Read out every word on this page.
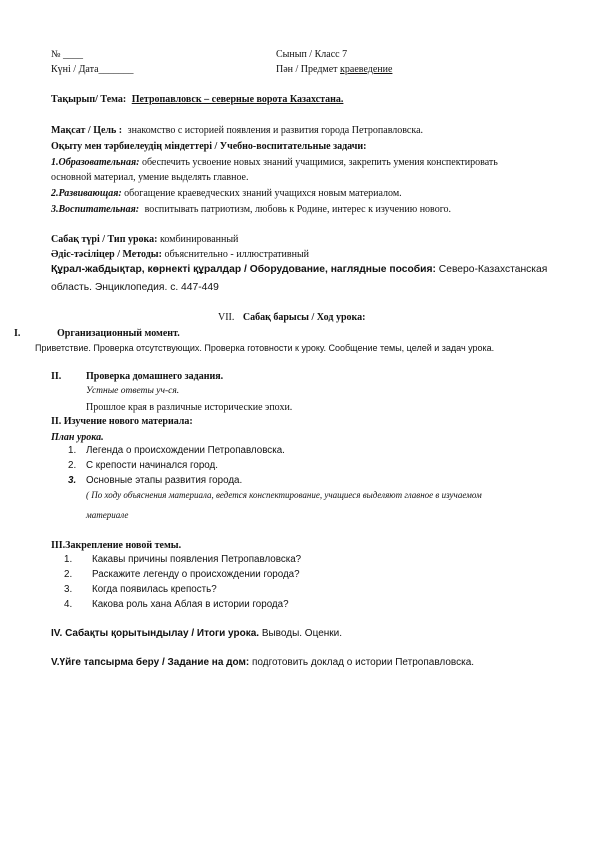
№ ____	Сынып / Класс 7
Күні / Дата_______	Пән / Предмет краеведение
Тақырып/ Тема: Петропавловск – северные ворота Казахстана.
Мақсат / Цель : знакомство с историей появления и развития города Петропавловска.
Оқыту мен тәрбиелеудің міндеттері / Учебно-воспитательные задачи:
1.Образовательная: обеспечить усвоение новых знаний учащимися, закрепить умения конспектировать
основной материал, умение выделять главное.
2.Развивающая: обогащение краеведческих знаний учащихся новым материалом.
3.Воспитательная: воспитывать патриотизм, любовь к Родине, интерес к изучению нового.
Сабақ түрі / Тип урока: комбинированный
Әдіс-тәсіліцер / Методы: объяснительно - иллюстративный
Құрал-жабдықтар, көрнекті құралдар / Оборудование, наглядные пособия: Северо-Казахстанская
область. Энциклопедия. с. 447-449
VII. Сабақ барысы / Ход урока:
I.	Организационный момент.
Приветствие. Проверка отсутствующих. Проверка готовности к уроку. Сообщение темы, целей и задач урока.
II. Проверка домашнего задания.
Устные ответы уч-ся.
Прошлое края в различные исторические эпохи.
II. Изучение нового материала:
План урока.
1. Легенда о происхождении Петропавловска.
2. С крепости начинался город.
3. Основные этапы развития города.
( По ходу объяснения материала, ведется конспектирование, учащиеся выделяют главное в изучаемом
материале
III.Закрепление новой темы.
1. Какавы причины появления Петропавловска?
2. Раскажите легенду о происхождении города?
3. Когда появилась крепость?
4. Какова роль хана Аблая в истории города?
IV. Сабақты қорытындылау / Итоги урока. Выводы. Оценки.
V.Үйге тапсырма беру / Задание на дом: подготовить доклад о истории Петропавловска.
